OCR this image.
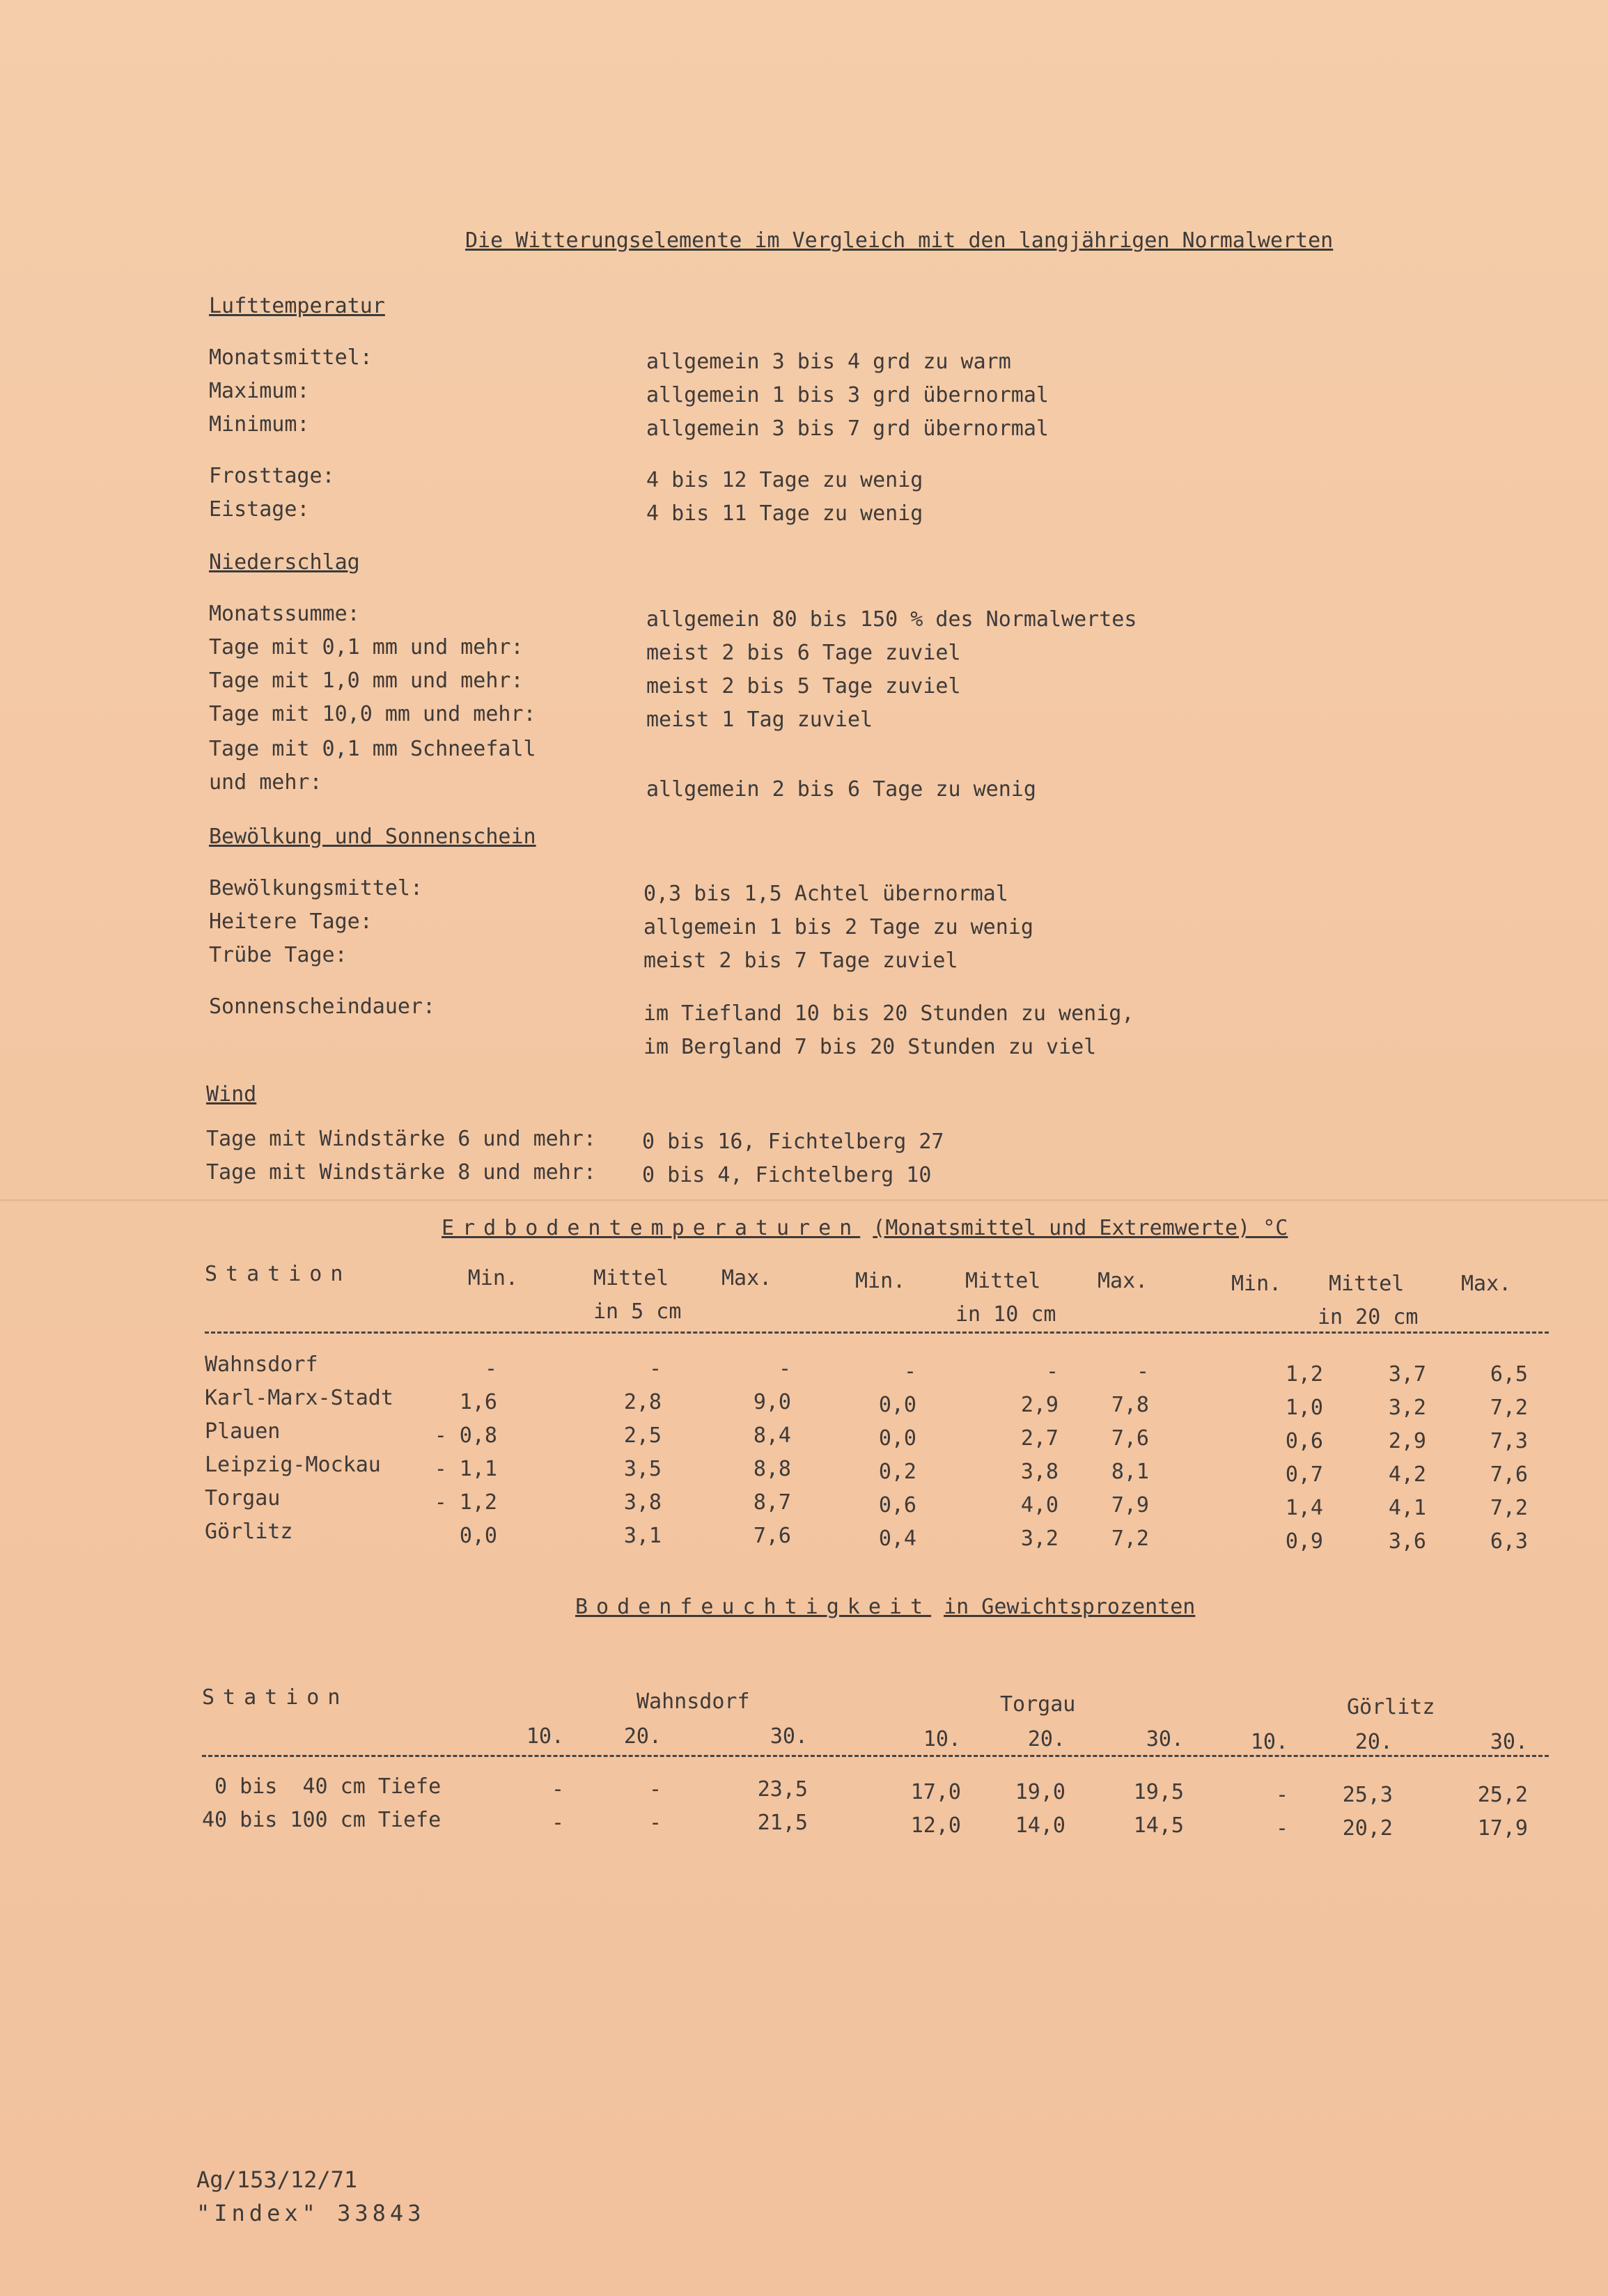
Die Witterungselemente im Vergleich mit den langjährigen Normalwerten
Lufttemperatur
Monatsmittel:	allgemein 3 bis 4 grd zu warm
Maximum:	allgemein 1 bis 3 grd übernormal
Minimum:	allgemein 3 bis 7 grd übernormal
Frosttage:	4 bis 12 Tage zu wenig
Eistage:	4 bis 11 Tage zu wenig
Niederschlag
Monatssumme:	allgemein 80 bis 150 % des Normalwertes
Tage mit 0,1 mm und mehr:	meist 2 bis 6 Tage zuviel
Tage mit 1,0 mm und mehr:	meist 2 bis 5 Tage zuviel
Tage mit 10,0 mm und mehr:	meist 1 Tag zuviel
Tage mit 0,1 mm Schneefall
und mehr:	allgemein 2 bis 6 Tage zu wenig
Bewölkung und Sonnenschein
Bewölkungsmittel:	0,3 bis 1,5 Achtel übernormal
Heitere Tage:	allgemein 1 bis 2 Tage zu wenig
Trübe Tage:	meist 2 bis 7 Tage zuviel
Sonnenscheindauer:	im Tiefland 10 bis 20 Stunden zu wenig,
im Bergland 7 bis 20 Stunden zu viel
Wind
Tage mit Windstärke 6 und mehr: 0 bis 16, Fichtelberg 27
Tage mit Windstärke 8 und mehr: 0 bis 4, Fichtelberg 10
Erdbodentemperaturen (Monatsmittel und Extremwerte) °C
Station	Min.	Mittel	Max.	Min.	Mittel	Max.	Min. Mittel	Max.
in 5 cm	in 10 cm	in 20 cm
Wahnsdorf	-	-	-	-	-	-	1,2	3,7	6,5
Karl-Marx-Stadt	1,6	2,8	9,0	0,0	2,9	7,8	1,0	3,2	7,2
Plauen	- 0,8	2,5	8,4	0,0	2,7	7,6	0,6	2,9	7,3
Leipzig-Mockau	- 1,1	3,5	8,8	0,2	3,8	8,1	0,7	4,2	7,6
Torgau	- 1,2	3,8	8,7	0,6	4,0	7,9	1,4	4,1	7,2
Görlitz	0,0	3,1	7,6	0,4	3,2	7,2	0,9	3,6	6,3
Bodenfeuchtigkeit in Gewichtsprozenten
Station	Wahnsdorf	Torgau	Görlitz
10.	20.	30.	10.	20.	30.	10.	20.	30.
0 bis  40 cm Tiefe	-	-	23,5	17,0	19,0	19,5	-	25,3	25,2
40 bis 100 cm Tiefe	-	-	21,5	12,0	14,0	14,5	-	20,2	17,9
Ag/153/12/71
"Index" 33843
